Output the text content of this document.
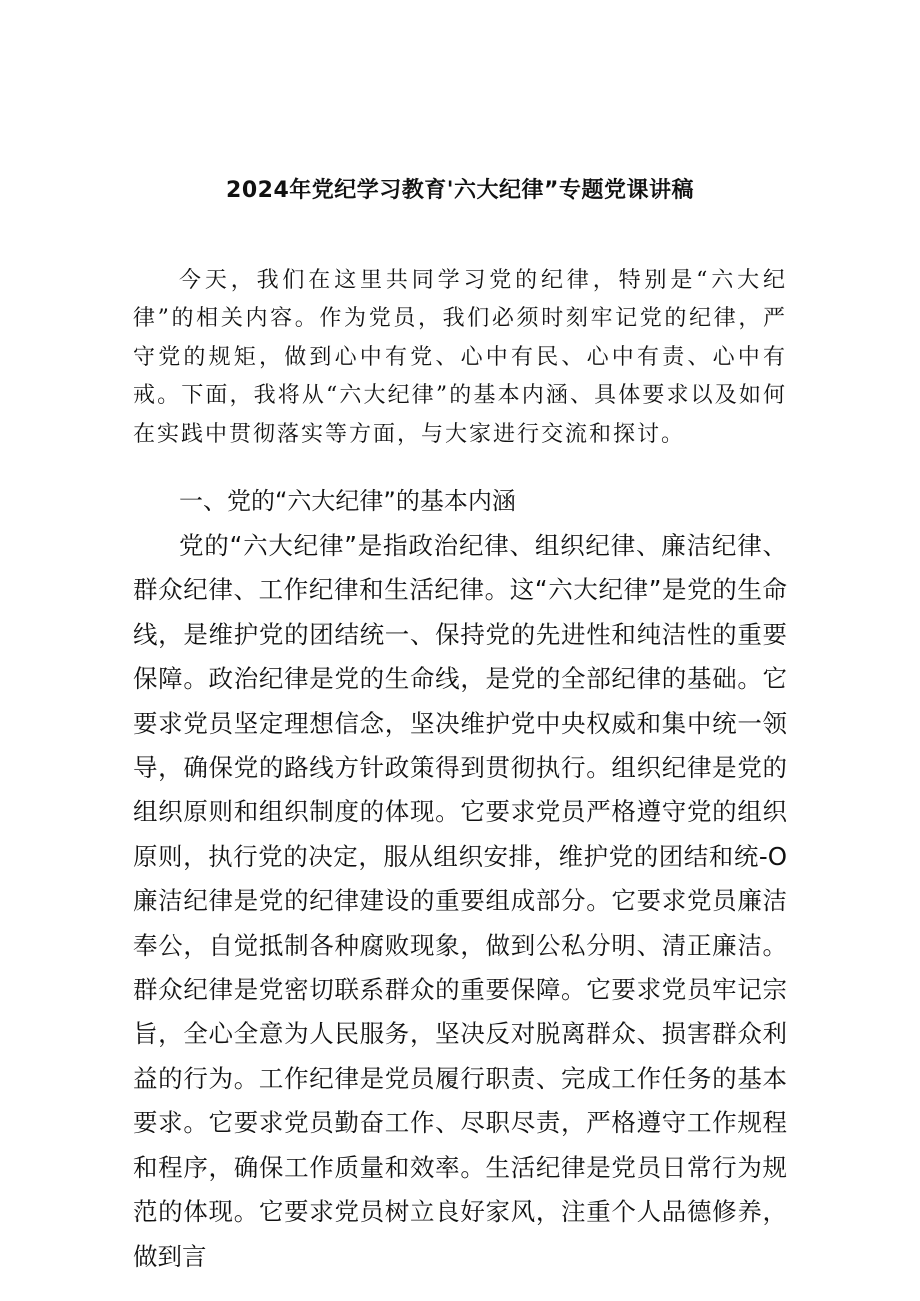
2024年党纪学习教育'六大纪律”专题党课讲稿

今天，我们在这里共同学习党的纪律，特别是“六大纪律”的相关内容。作为党员，我们必须时刻牢记党的纪律，严守党的规矩，做到心中有党、心中有民、心中有责、心中有戒。下面，我将从“六大纪律”的基本内涵、具体要求以及如何在实践中贯彻落实等方面，与大家进行交流和探讨。

一、党的“六大纪律”的基本内涵

党的“六大纪律”是指政治纪律、组织纪律、廉洁纪律、群众纪律、工作纪律和生活纪律。这“六大纪律”是党的生命线，是维护党的团结统一、保持党的先进性和纯洁性的重要保障。政治纪律是党的生命线，是党的全部纪律的基础。它要求党员坚定理想信念，坚决维护党中央权威和集中统一领导，确保党的路线方针政策得到贯彻执行。组织纪律是党的组织原则和组织制度的体现。它要求党员严格遵守党的组织原则，执行党的决定，服从组织安排，维护党的团结和统-O廉洁纪律是党的纪律建设的重要组成部分。它要求党员廉洁奉公，自觉抵制各种腐败现象，做到公私分明、清正廉洁。群众纪律是党密切联系群众的重要保障。它要求党员牢记宗旨，全心全意为人民服务，坚决反对脱离群众、损害群众利益的行为。工作纪律是党员履行职责、完成工作任务的基本要求。它要求党员勤奋工作、尽职尽责，严格遵守工作规程和程序，确保工作质量和效率。生活纪律是党员日常行为规范的体现。它要求党员树立良好家风，注重个人品德修养，做到言
